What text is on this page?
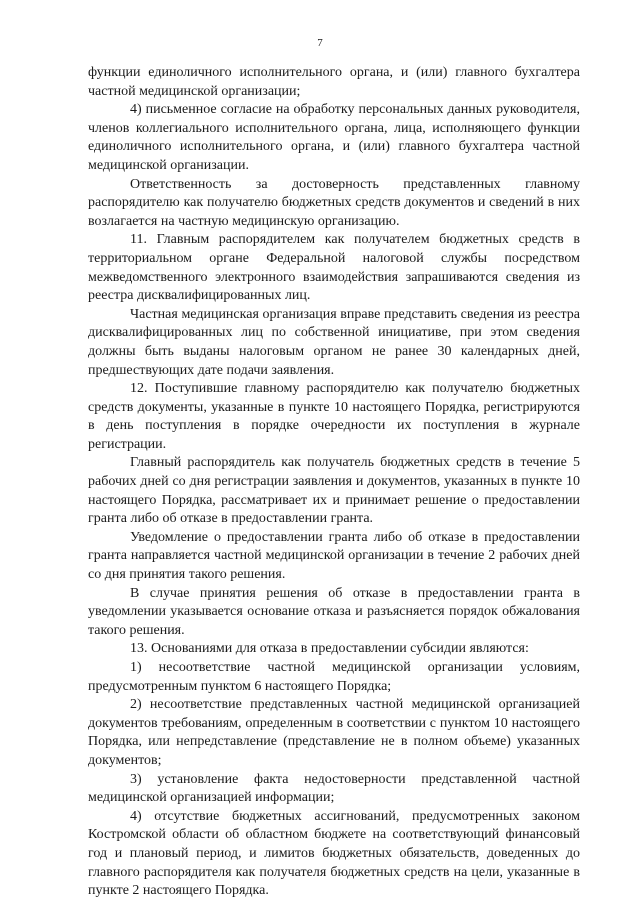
7

функции единоличного исполнительного органа, и (или) главного бухгалтера частной медицинской организации;

4) письменное согласие на обработку персональных данных руководителя, членов коллегиального исполнительного органа, лица, исполняющего функции единоличного исполнительного органа, и (или) главного бухгалтера частной медицинской организации.

Ответственность за достоверность представленных главному распорядителю как получателю бюджетных средств документов и сведений в них возлагается на частную медицинскую организацию.

11. Главным распорядителем как получателем бюджетных средств в территориальном органе Федеральной налоговой службы посредством межведомственного электронного взаимодействия запрашиваются сведения из реестра дисквалифицированных лиц.

Частная медицинская организация вправе представить сведения из реестра дисквалифицированных лиц по собственной инициативе, при этом сведения должны быть выданы налоговым органом не ранее 30 календарных дней, предшествующих дате подачи заявления.

12. Поступившие главному распорядителю как получателю бюджетных средств документы, указанные в пункте 10 настоящего Порядка, регистрируются в день поступления в порядке очередности их поступления в журнале регистрации.

Главный распорядитель как получатель бюджетных средств в течение 5 рабочих дней со дня регистрации заявления и документов, указанных в пункте 10 настоящего Порядка, рассматривает их и принимает решение о предоставлении гранта либо об отказе в предоставлении гранта.

Уведомление о предоставлении гранта либо об отказе в предоставлении гранта направляется частной медицинской организации в течение 2 рабочих дней со дня принятия такого решения.

В случае принятия решения об отказе в предоставлении гранта в уведомлении указывается основание отказа и разъясняется порядок обжалования такого решения.

13. Основаниями для отказа в предоставлении субсидии являются:

1) несоответствие частной медицинской организации условиям, предусмотренным пунктом 6 настоящего Порядка;

2) несоответствие представленных частной медицинской организацией документов требованиям, определенным в соответствии с пунктом 10 настоящего Порядка, или непредставление (представление не в полном объеме) указанных документов;

3) установление факта недостоверности представленной частной медицинской организацией информации;

4) отсутствие бюджетных ассигнований, предусмотренных законом Костромской области об областном бюджете на соответствующий финансовый год и плановый период, и лимитов бюджетных обязательств, доведенных до главного распорядителя как получателя бюджетных средств на цели, указанные в пункте 2 настоящего Порядка.
